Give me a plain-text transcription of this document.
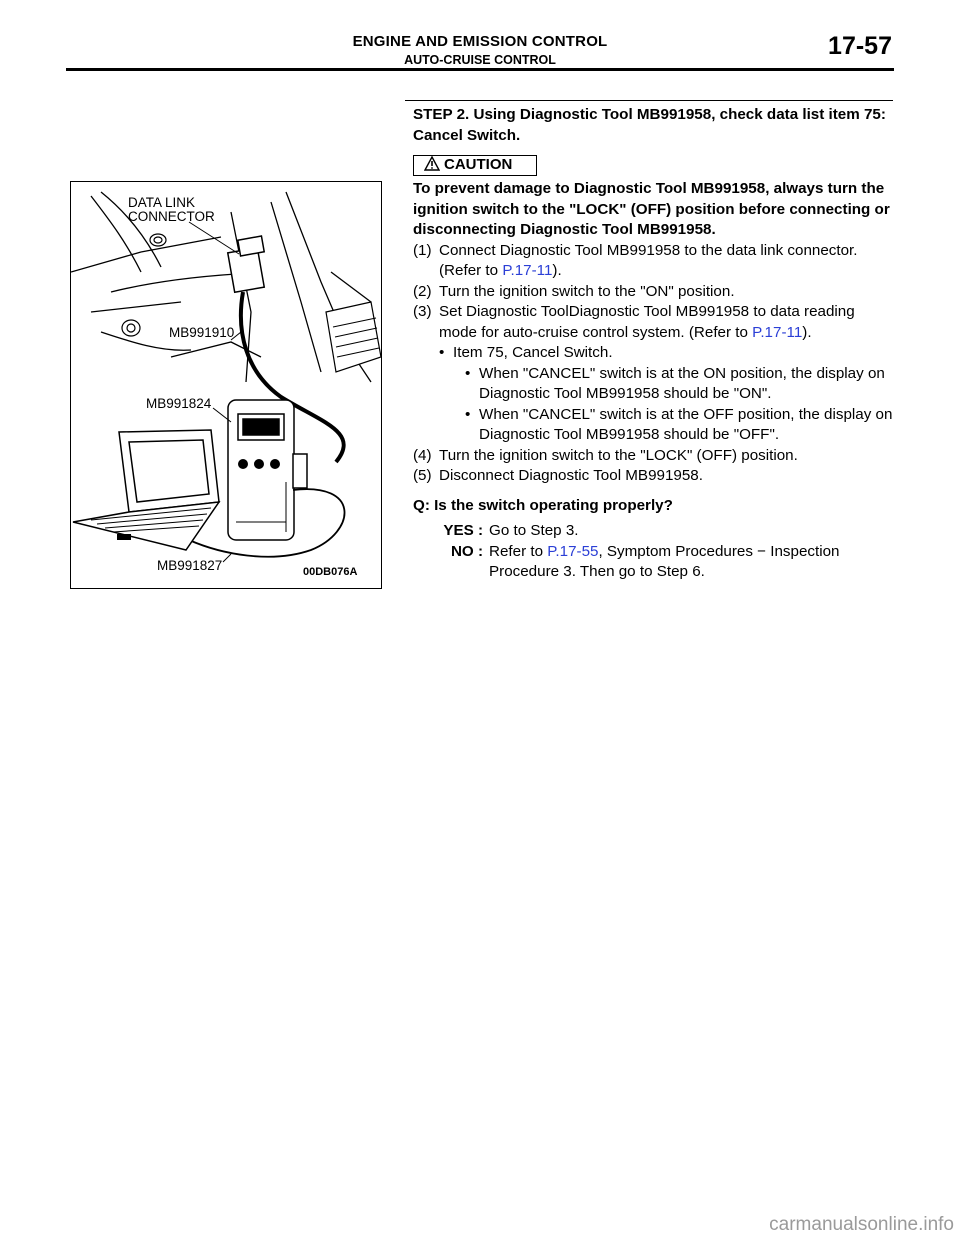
ENGINE AND EMISSION CONTROL
AUTO-CRUISE CONTROL	17-57
DATA LINK
CONNECTOR
MB991910
MB991824
MB991827	00DB076A
STEP 2. Using Diagnostic Tool MB991958, check data list item 75: Cancel Switch.
CAUTION
To prevent damage to Diagnostic Tool MB991958, always turn the ignition switch to the "LOCK" (OFF) position before connecting or disconnecting Diagnostic Tool MB991958.
(1) Connect Diagnostic Tool MB991958 to the data link connector. (Refer to P.17-11).
(2) Turn the ignition switch to the "ON" position.
(3) Set Diagnostic ToolDiagnostic Tool MB991958 to data reading mode for auto-cruise control system. (Refer to P.17-11).
• Item 75, Cancel Switch.
• When "CANCEL" switch is at the ON position, the display on Diagnostic Tool MB991958 should be "ON".
• When "CANCEL" switch is at the OFF position, the display on Diagnostic Tool MB991958 should be "OFF".
(4) Turn the ignition switch to the "LOCK" (OFF) position.
(5) Disconnect Diagnostic Tool MB991958.
Q: Is the switch operating properly?
YES : Go to Step 3.
NO : Refer to P.17-55, Symptom Procedures − Inspection Procedure 3. Then go to Step 6.
carmanualsonline.info
